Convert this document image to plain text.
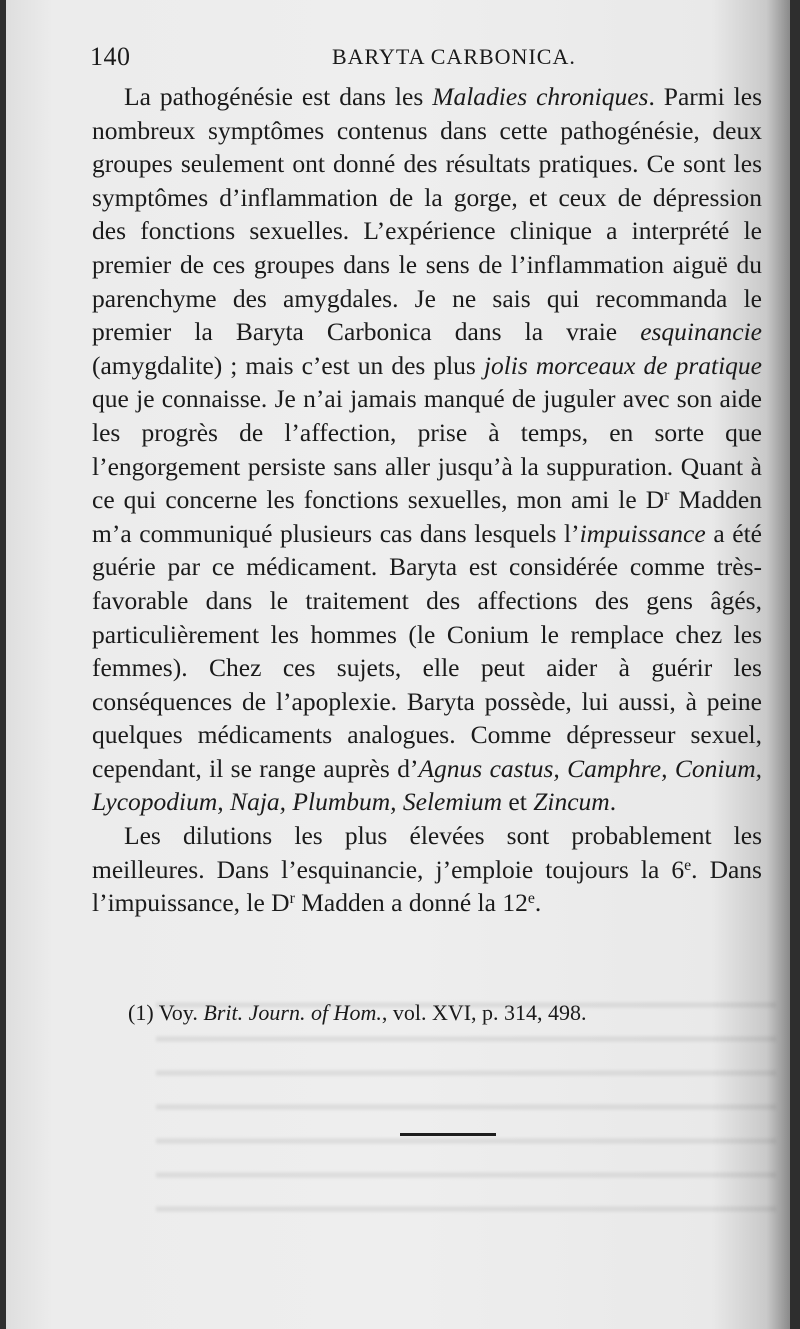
140	BARYTA CARBONICA.

La pathogénésie est dans les Maladies chroniques. Parmi les nombreux symptômes contenus dans cette pathogénésie, deux groupes seulement ont donné des résultats pratiques. Ce sont les symptômes d’inflammation de la gorge, et ceux de dépression des fonctions sexuelles. L’expérience clinique a interprété le premier de ces groupes dans le sens de l’inflammation aiguë du parenchyme des amygdales. Je ne sais qui recommanda le premier la Baryta Carbonica dans la vraie esquinancie (amygdalite) ; mais c’est un des plus jolis morceaux de pratique que je connaisse. Je n’ai jamais manqué de juguler avec son aide les progrès de l’affection, prise à temps, en sorte que l’engorgement persiste sans aller jusqu’à la suppuration. Quant à ce qui concerne les fonctions sexuelles, mon ami le $D^r$ Madden m’a communiqué plusieurs cas dans lesquels l’impuissance a été guérie par ce médicament. Baryta est considérée comme très-favorable dans le traitement des affections des gens âgés, particulièrement les hommes (le Conium le remplace chez les femmes). Chez ces sujets, elle peut aider à guérir les conséquences de l’apoplexie. Baryta possède, lui aussi, à peine quelques médicaments analogues. Comme dépresseur sexuel, cependant, il se range auprès d’Agnus castus, Camphre, Conium, Lycopodium, Naja, Plumbum, Selemium et Zincum.

Les dilutions les plus élevées sont probablement les meilleures. Dans l’esquinancie, j’emploie toujours la 6e. Dans l’impuissance, le $D^r$ Madden a donné la 12e.

(1) Voy. Brit. Journ. of Hom., vol. XVI, p. 314, 498.
